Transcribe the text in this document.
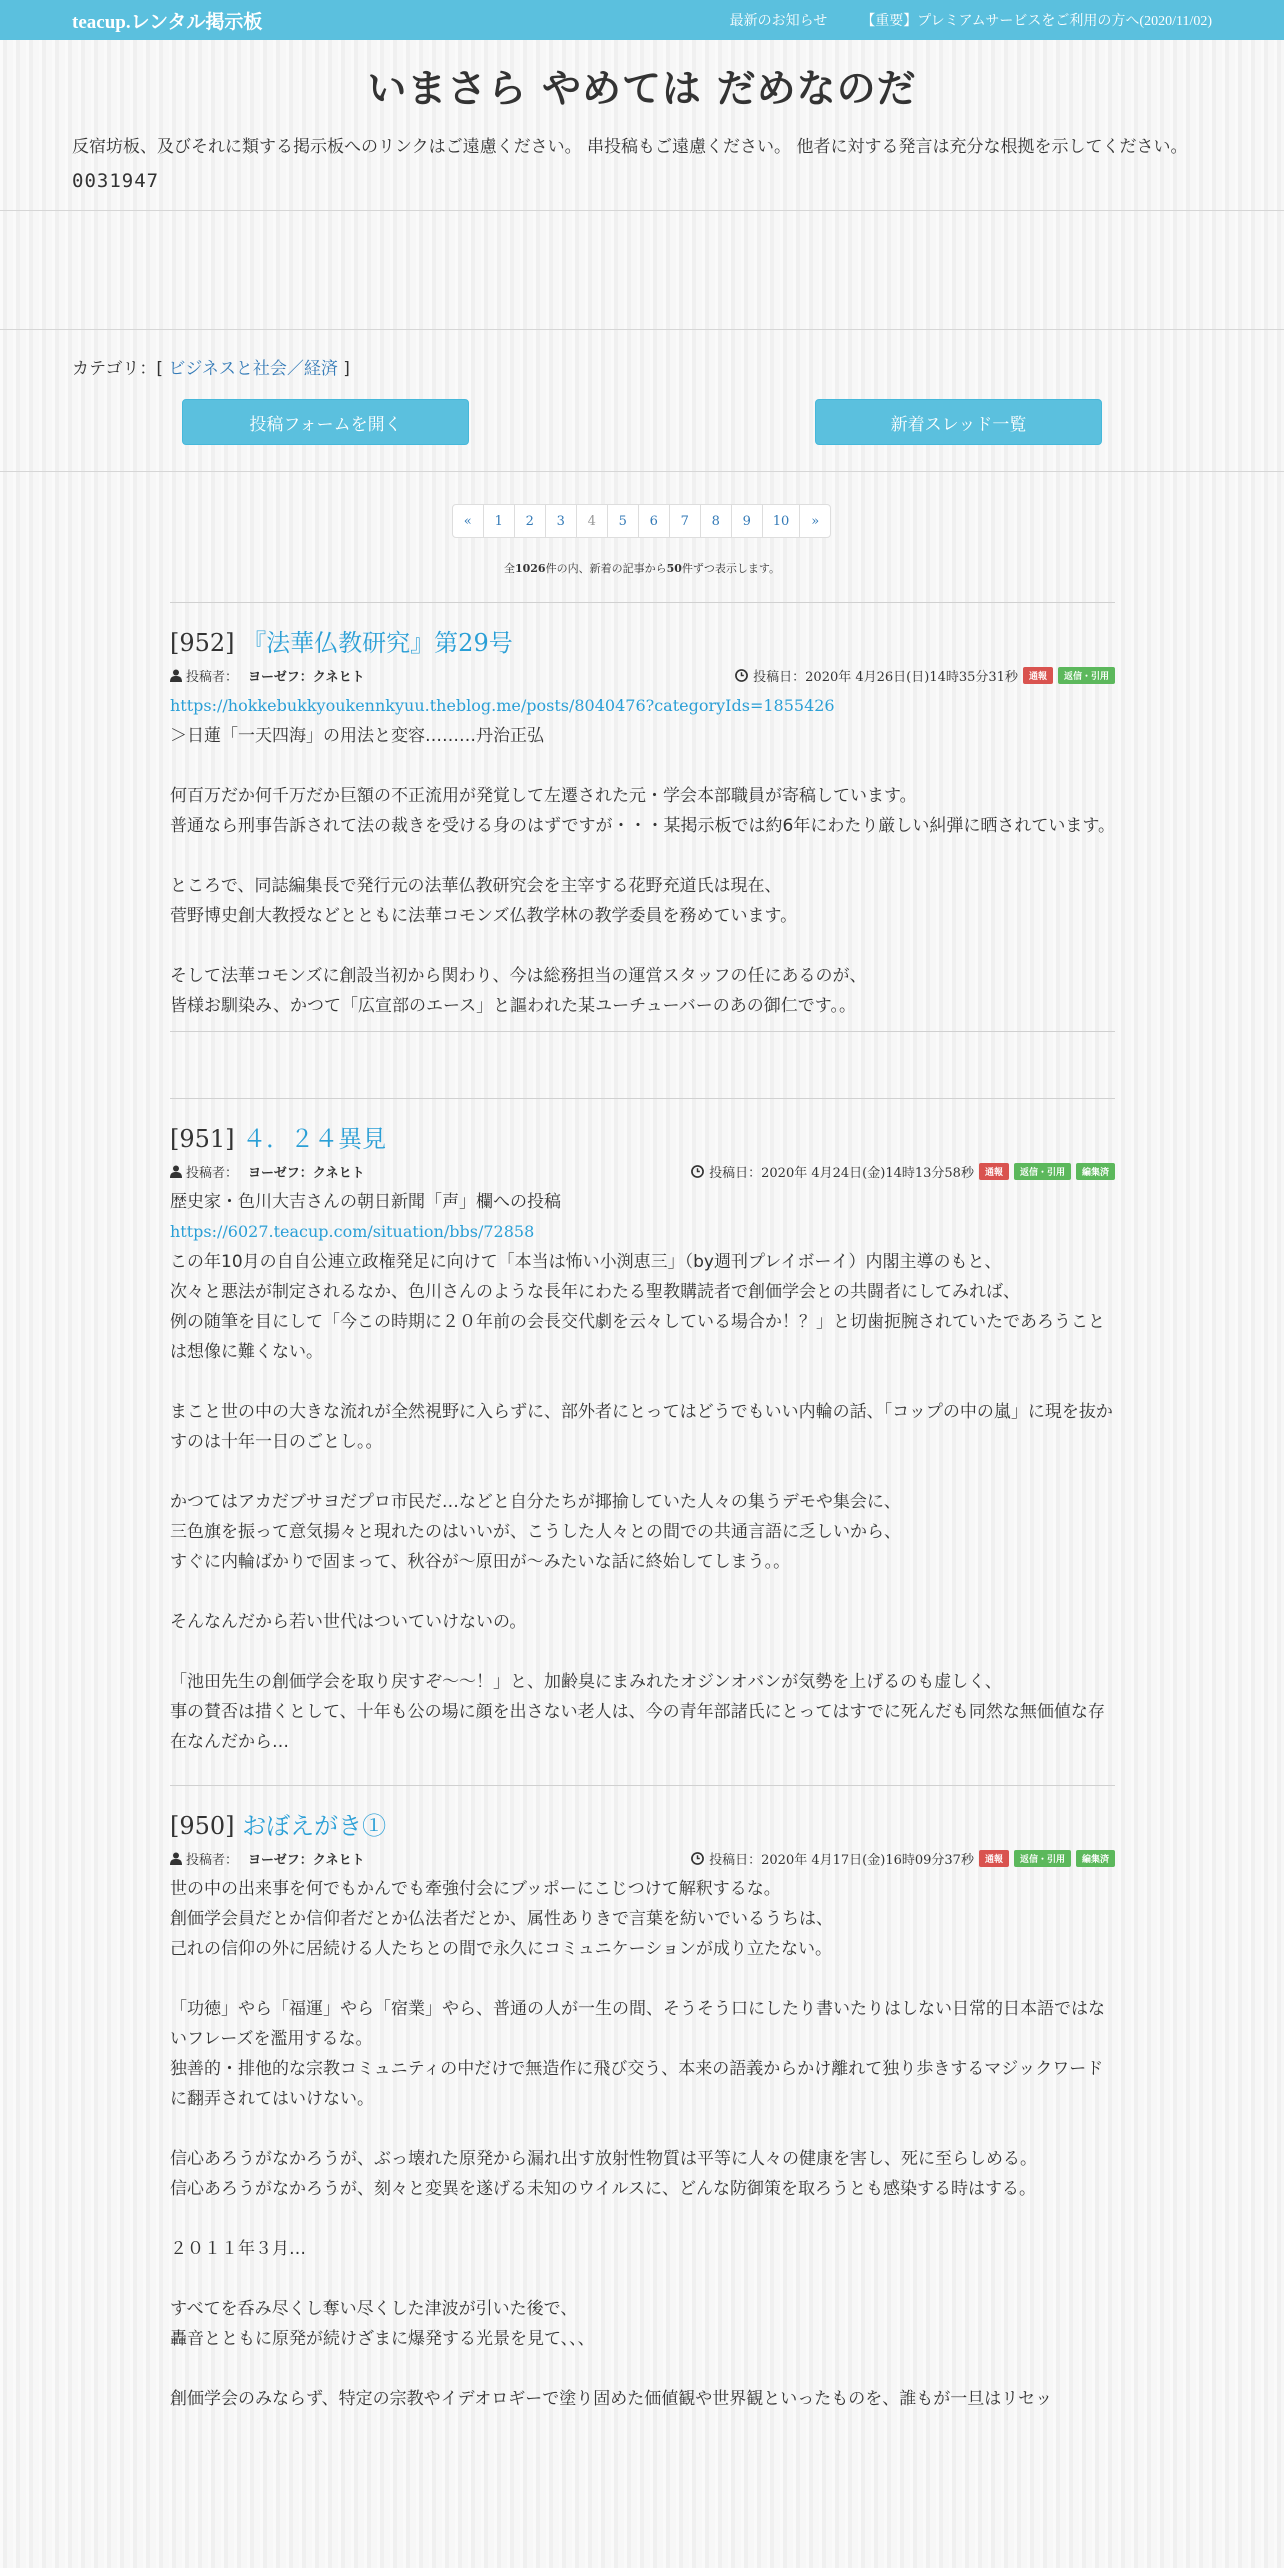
teacup.レンタル掲示板	最新のお知らせ 【重要】プレミアムサービスをご利用の方へ(2020/11/02)
いまさら やめては だめなのだ

反宿坊板、及びそれに類する掲示板へのリンクはご遠慮ください。 串投稿もご遠慮ください。 他者に対する発言は充分な根拠を示してください。

0031947
カテゴリ：[ ビジネスと社会／経済 ]
投稿フォームを開く	新着スレッド一覧
«	1	2	3	4	5	6	7	8	9	10	»
全1026件の内、新着の記事から50件ずつ表示します。
[952] 『法華仏教研究』第29号
投稿者： ヨーゼフ：クネヒト	投稿日：2020年 4月26日(日)14時35分31秒	通報	返信・引用
https://hokkebukkyoukennkyuu.theblog.me/posts/8040476?categoryIds=1855426
＞日蓮「一天四海」の用法と変容………丹治正弘

何百万だか何千万だか巨額の不正流用が発覚して左遷された元・学会本部職員が寄稿しています。
普通なら刑事告訴されて法の裁きを受ける身のはずですが・・・某掲示板では約6年にわたり厳しい糾弾に晒されています。

ところで、同誌編集長で発行元の法華仏教研究会を主宰する花野充道氏は現在、
菅野博史創大教授などとともに法華コモンズ仏教学林の教学委員を務めています。

そして法華コモンズに創設当初から関わり、今は総務担当の運営スタッフの任にあるのが、
皆様お馴染み、かつて「広宣部のエース」と謳われた某ユーチューバーのあの御仁です。。
[951] ４．２４異見
投稿者： ヨーゼフ：クネヒト	投稿日：2020年 4月24日(金)14時13分58秒	通報	返信・引用	編集済
歴史家・色川大吉さんの朝日新聞「声」欄への投稿
https://6027.teacup.com/situation/bbs/72858
この年10月の自自公連立政権発足に向けて「本当は怖い小渕恵三」（by週刊プレイボーイ）内閣主導のもと、
次々と悪法が制定されるなか、色川さんのような長年にわたる聖教購読者で創価学会との共闘者にしてみれば、
例の随筆を目にして「今この時期に２０年前の会長交代劇を云々している場合か！？」と切歯扼腕されていたであろうことは想像に難くない。

まこと世の中の大きな流れが全然視野に入らずに、部外者にとってはどうでもいい内輪の話、「コップの中の嵐」に現を抜かすのは十年一日のごとし。。

かつてはアカだブサヨだプロ市民だ…などと自分たちが揶揄していた人々の集うデモや集会に、
三色旗を振って意気揚々と現れたのはいいが、こうした人々との間での共通言語に乏しいから、
すぐに内輪ばかりで固まって、秋谷が～原田が～みたいな話に終始してしまう。。

そんなんだから若い世代はついていけないの。

「池田先生の創価学会を取り戻すぞ～～！」と、加齢臭にまみれたオジンオバンが気勢を上げるのも虚しく、
事の賛否は措くとして、十年も公の場に顔を出さない老人は、今の青年部諸氏にとってはすでに死んだも同然な無価値な存在なんだから…
[950] おぼえがき①
投稿者： ヨーゼフ：クネヒト	投稿日：2020年 4月17日(金)16時09分37秒	通報	返信・引用	編集済
世の中の出来事を何でもかんでも牽強付会にブッポーにこじつけて解釈するな。
創価学会員だとか信仰者だとか仏法者だとか、属性ありきで言葉を紡いでいるうちは、
己れの信仰の外に居続ける人たちとの間で永久にコミュニケーションが成り立たない。

「功徳」やら「福運」やら「宿業」やら、普通の人が一生の間、そうそう口にしたり書いたりはしない日常的日本語ではないフレーズを濫用するな。
独善的・排他的な宗教コミュニティの中だけで無造作に飛び交う、本来の語義からかけ離れて独り歩きするマジックワードに翻弄されてはいけない。

信心あろうがなかろうが、ぶっ壊れた原発から漏れ出す放射性物質は平等に人々の健康を害し、死に至らしめる。
信心あろうがなかろうが、刻々と変異を遂げる未知のウイルスに、どんな防御策を取ろうとも感染する時はする。

２０１１年３月…

すべてを呑み尽くし奪い尽くした津波が引いた後で、
轟音とともに原発が続けざまに爆発する光景を見て、、、

創価学会のみならず、特定の宗教やイデオロギーで塗り固めた価値観や世界観といったものを、誰もが一旦はリセッ
